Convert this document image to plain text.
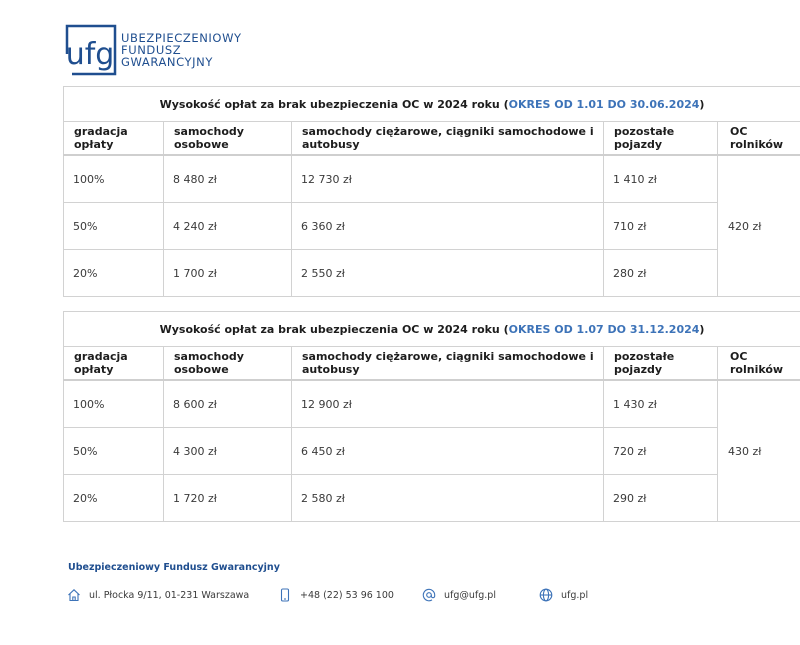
ufg UBEZPIECZENIOWY
FUNDUSZ
GWARANCYJNY
Wysokość opłat za brak ubezpieczenia OC w 2024 roku (OKRES OD 1.01 DO 30.06.2024)				
gradacja opłaty	samochody osobowe	samochody ciężarowe, ciągniki samochodowe i autobusy	pozostałe pojazdy	OC rolników
100%	8 480 zł	12 730 zł	1 410 zł	420 zł
50%	4 240 zł	6 360 zł	710 zł	
20%	1 700 zł	2 550 zł	280 zł	
Wysokość opłat za brak ubezpieczenia OC w 2024 roku (OKRES OD 1.07 DO 31.12.2024)				
gradacja opłaty	samochody osobowe	samochody ciężarowe, ciągniki samochodowe i autobusy	pozostałe pojazdy	OC rolników
100%	8 600 zł	12 900 zł	1 430 zł	430 zł
50%	4 300 zł	6 450 zł	720 zł	
20%	1 720 zł	2 580 zł	290 zł	
Ubezpieczeniowy Fundusz Gwarancyjny
ul. Płocka 9/11, 01-231 Warszawa	+48 (22) 53 96 100	ufg@ufg.pl	ufg.pl
